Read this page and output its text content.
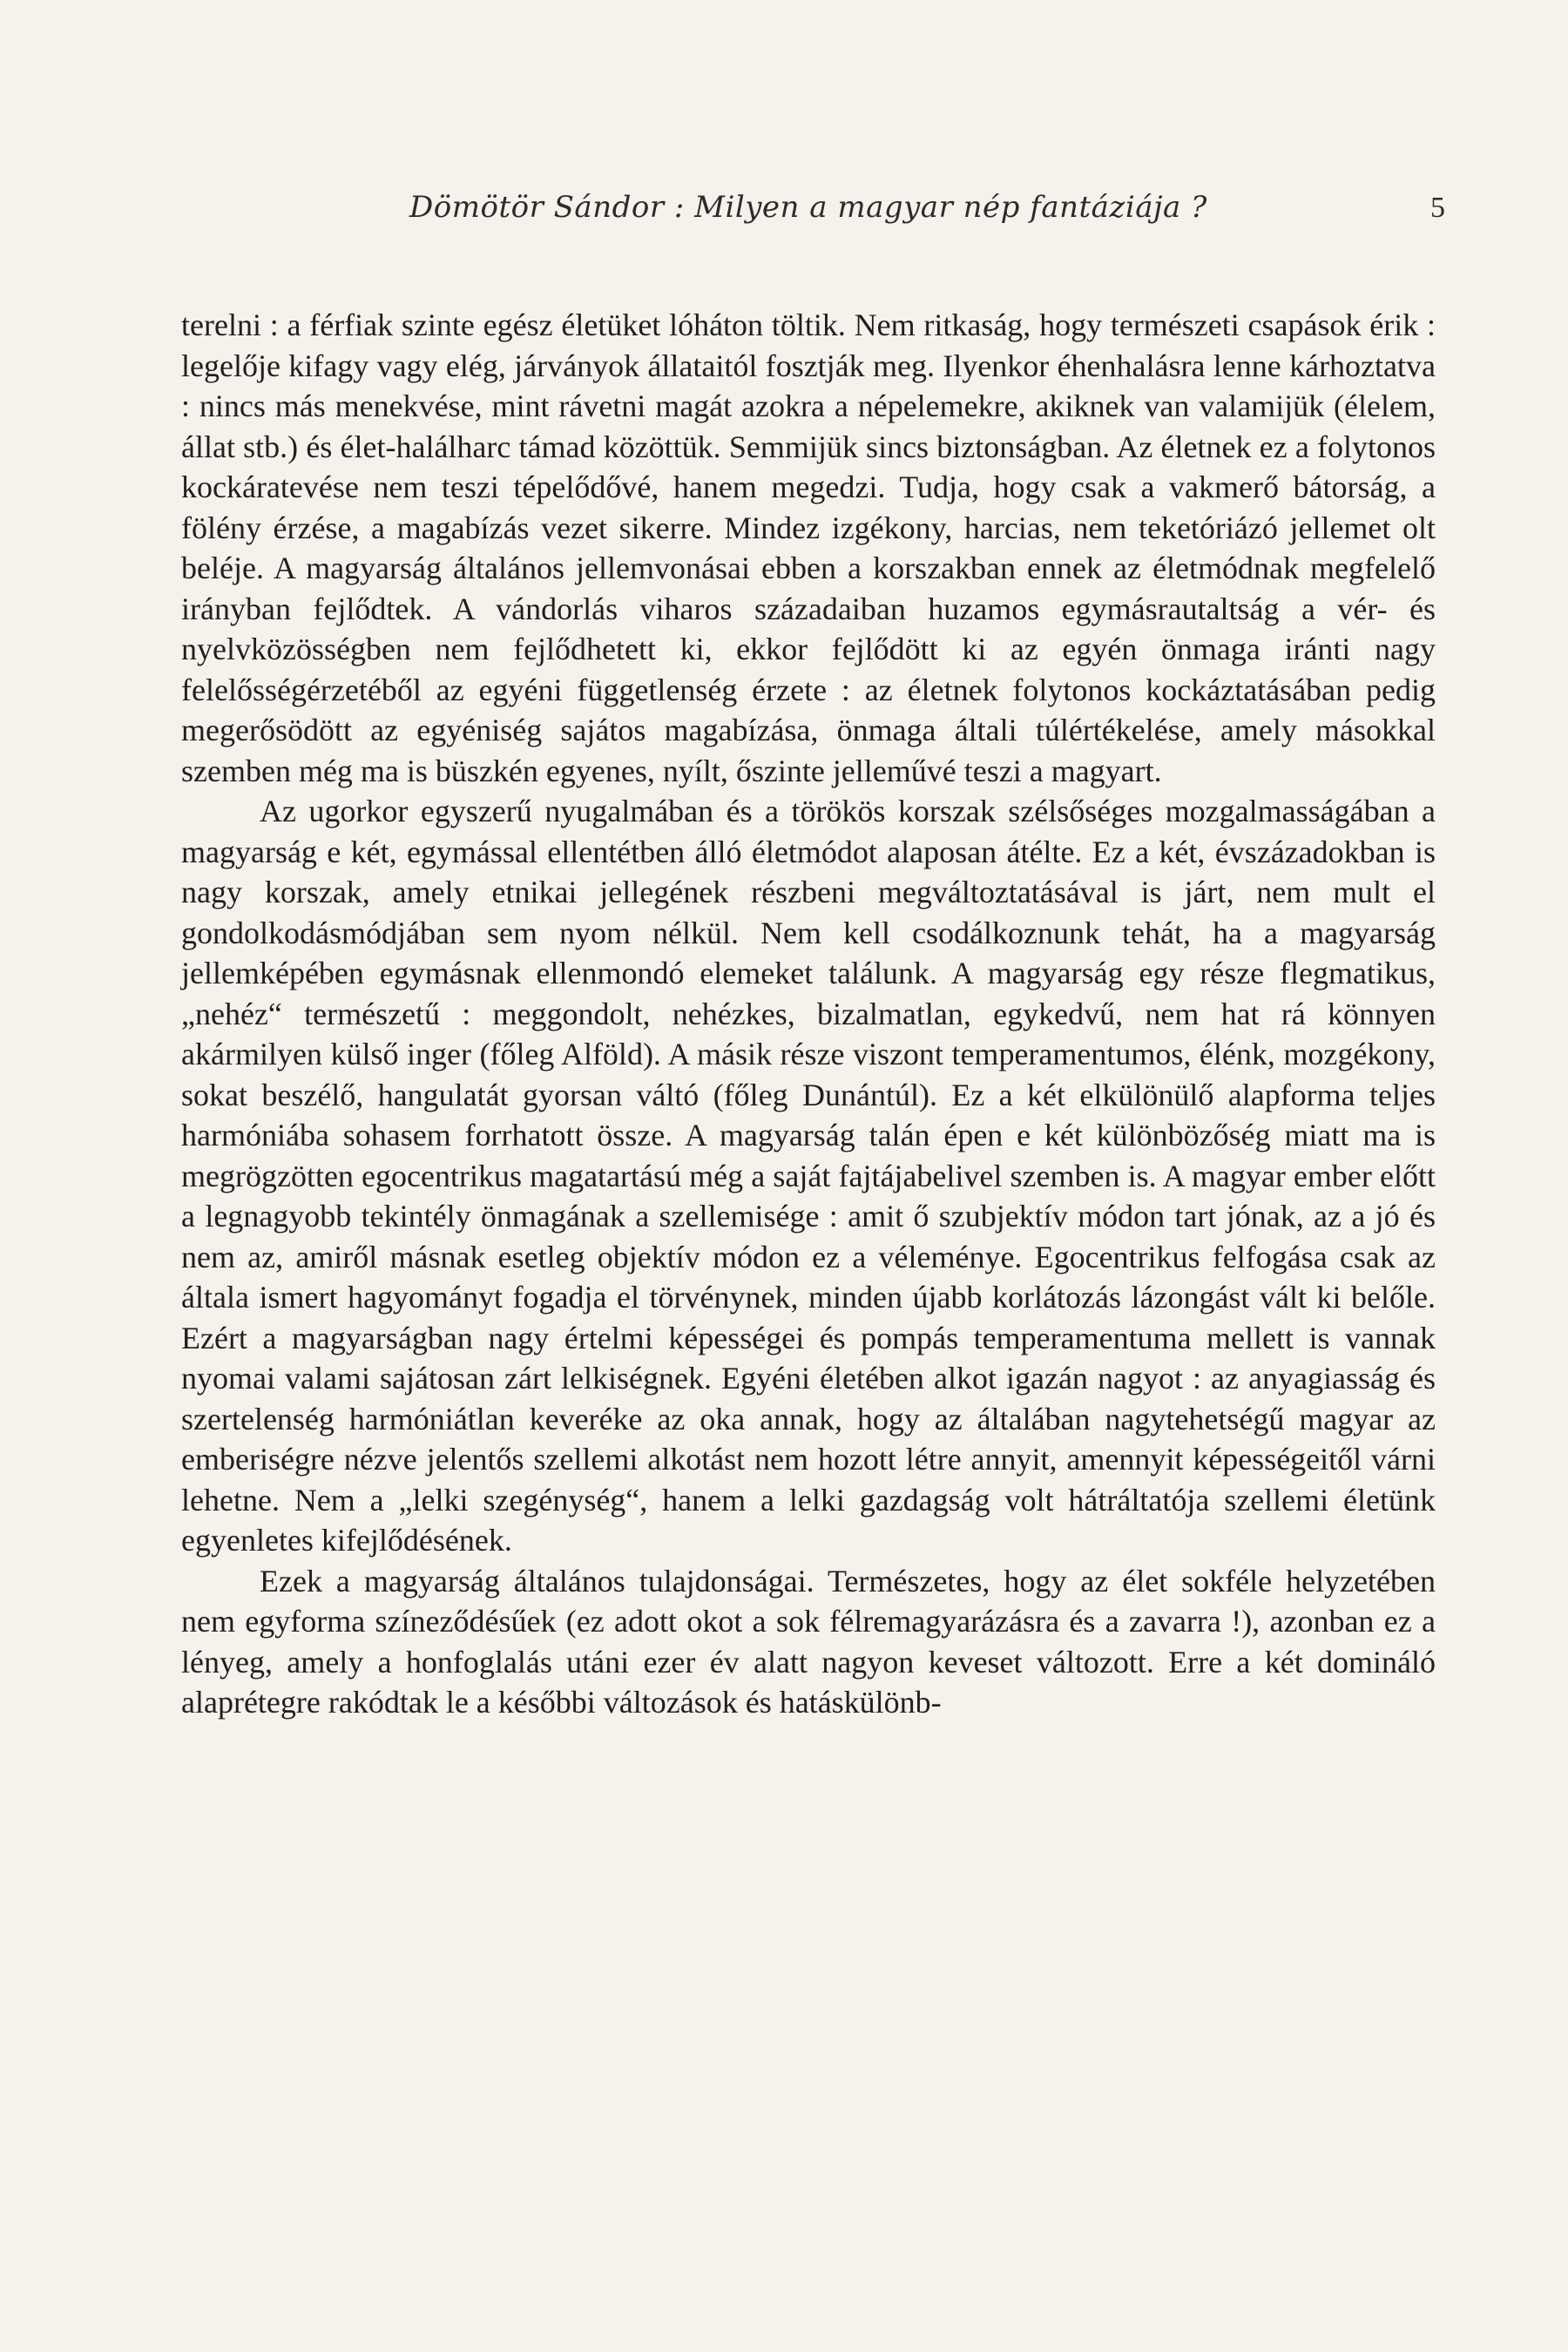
Dömötör Sándor : Milyen a magyar nép fantáziája ?	5

terelni : a férfiak szinte egész életüket lóháton töltik. Nem ritkaság, hogy természeti csapások érik : legelője kifagy vagy elég, járványok állataitól fosztják meg. Ilyenkor éhenhalásra lenne kárhoztatva : nincs más menekvése, mint rávetni magát azokra a népelemekre, akiknek van valamijük (élelem, állat stb.) és élet-halálharc támad közöttük. Semmijük sincs biztonságban. Az életnek ez a folytonos kockáratevése nem teszi tépelődővé, hanem megedzi. Tudja, hogy csak a vakmerő bátorság, a fölény érzése, a magabízás vezet sikerre. Mindez izgékony, harcias, nem teketóriázó jellemet olt beléje. A magyarság általános jellemvonásai ebben a korszakban ennek az életmódnak megfelelő irányban fejlődtek. A vándorlás viharos századaiban huzamos egymásrautaltság a vér- és nyelvközösségben nem fejlődhetett ki, ekkor fejlődött ki az egyén önmaga iránti nagy felelősségérzetéből az egyéni függetlenség érzete : az életnek folytonos kockáztatásában pedig megerősödött az egyéniség sajátos magabízása, önmaga általi túlértékelése, amely másokkal szemben még ma is büszkén egyenes, nyílt, őszinte jelleművé teszi a magyart.

Az ugorkor egyszerű nyugalmában és a törökös korszak szélsőséges mozgalmasságában a magyarság e két, egymással ellentétben álló életmódot alaposan átélte. Ez a két, évszázadokban is nagy korszak, amely etnikai jellegének részbeni megváltoztatásával is járt, nem mult el gondolkodásmódjában sem nyom nélkül. Nem kell csodálkoznunk tehát, ha a magyarság jellemképében egymásnak ellenmondó elemeket találunk. A magyarság egy része flegmatikus, „nehéz“ természetű : meggondolt, nehézkes, bizalmatlan, egykedvű, nem hat rá könnyen akármilyen külső inger (főleg Alföld). A másik része viszont temperamentumos, élénk, mozgékony, sokat beszélő, hangulatát gyorsan váltó (főleg Dunántúl). Ez a két elkülönülő alapforma teljes harmóniába sohasem forrhatott össze. A magyarság talán épen e két különbözőség miatt ma is megrögzötten egocentrikus magatartású még a saját fajtájabelivel szemben is. A magyar ember előtt a legnagyobb tekintély önmagának a szellemisége : amit ő szubjektív módon tart jónak, az a jó és nem az, amiről másnak esetleg objektív módon ez a véleménye. Egocentrikus felfogása csak az általa ismert hagyományt fogadja el törvénynek, minden újabb korlátozás lázongást vált ki belőle. Ezért a magyarságban nagy értelmi képességei és pompás temperamentuma mellett is vannak nyomai valami sajátosan zárt lelkiségnek. Egyéni életében alkot igazán nagyot : az anyagiasság és szertelenség harmóniátlan keveréke az oka annak, hogy az általában nagytehetségű magyar az emberiségre nézve jelentős szellemi alkotást nem hozott létre annyit, amennyit képességeitől várni lehetne. Nem a „lelki szegénység“, hanem a lelki gazdagság volt hátráltatója szellemi életünk egyenletes kifejlődésének.

Ezek a magyarság általános tulajdonságai. Természetes, hogy az élet sokféle helyzetében nem egyforma színeződésűek (ez adott okot a sok félremagyarázásra és a zavarra !), azonban ez a lényeg, amely a honfoglalás utáni ezer év alatt nagyon keveset változott. Erre a két domináló alaprétegre rakódtak le a későbbi változások és hatáskülönb-
